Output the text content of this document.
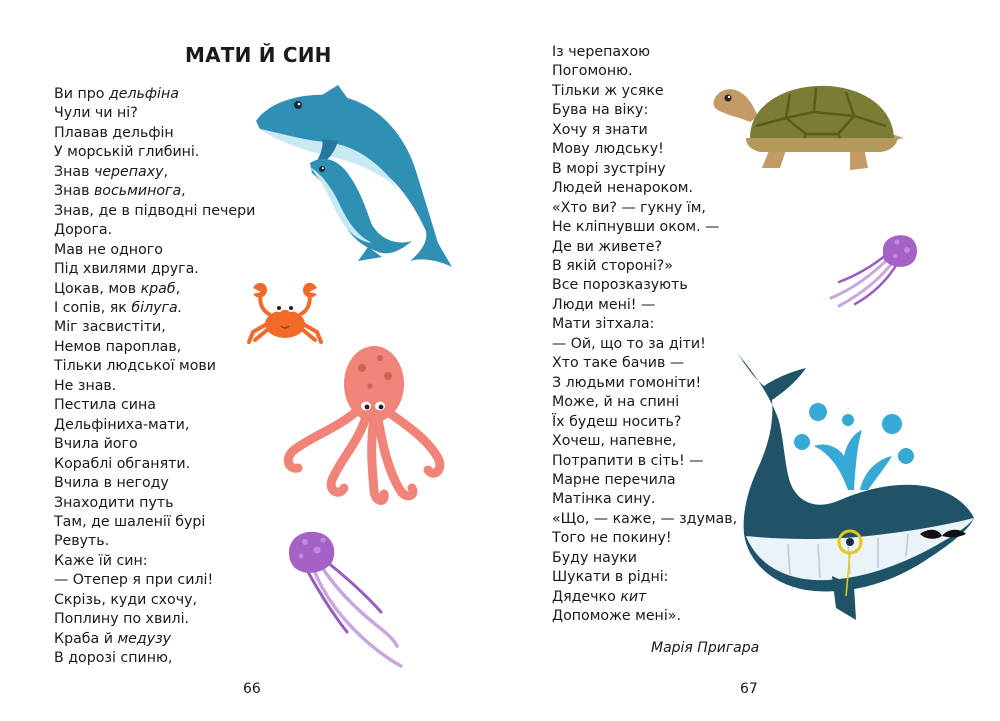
МАТИ Й СИН
Ви про дельфіна
Чули чи ні?
Плавав дельфін
У морській глибині.
Знав черепаху,
Знав восьминога,
Знав, де в підводні печери
Дорога.
Мав не одного
Під хвилями друга.
Цокав, мов краб,
І сопів, як білуга.
Міг засвистіти,
Немов пароплав,
Тільки людської мови
Не знав.
Пестила сина
Дельфіниха-мати,
Вчила його
Кораблі обганяти.
Вчила в негоду
Знаходити путь
Там, де шаленії бурі
Ревуть.
Каже їй син:
— Отепер я при силі!
Скрізь, куди схочу,
Поплину по хвилі.
Краба й медузу
В дорозі спиню,
66
Із черепахою
Погомоню.
Тільки ж усяке
Бува на віку:
Хочу я знати
Мову людську!
В морі зустріну
Людей ненароком.
«Хто ви? — гукну їм,
Не кліпнувши оком. —
Де ви живете?
В якій стороні?»
Все порозказують
Люди мені! —
Мати зітхала:
— Ой, що то за діти!
Хто таке бачив —
З людьми гомоніти!
Може, й на спині
Їх будеш носить?
Хочеш, напевне,
Потрапити в сіть! —
Марне перечила
Матінка сину.
«Що, — каже, — здумав,
Того не покину!
Буду науки
Шукати в рідні:
Дядечко кит
Допоможе мені».
Марія Пригара
67
